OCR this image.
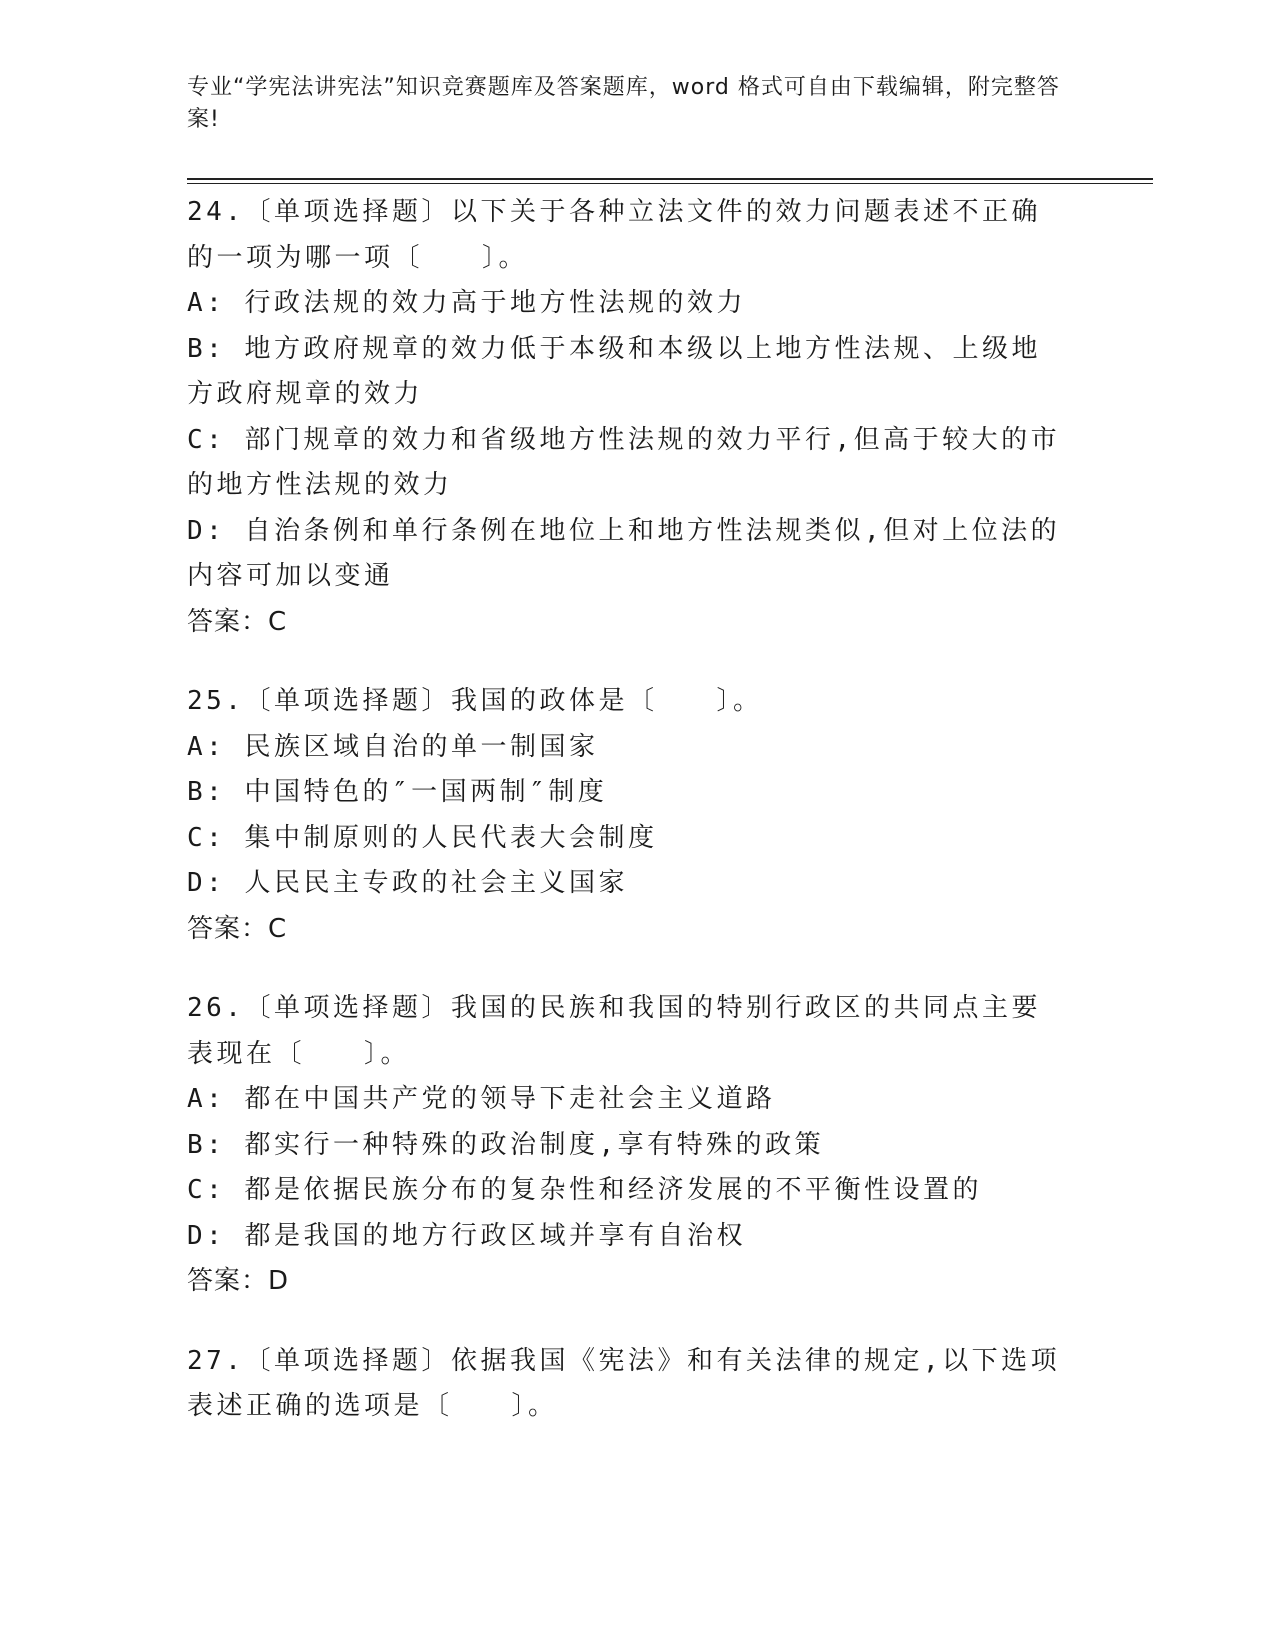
专业“学宪法讲宪法”知识竞赛题库及答案题库，word 格式可自由下载编辑，附完整答案!
24.〔单项选择题〕以下关于各种立法文件的效力问题表述不正确的一项为哪一项〔　　〕。
A: 行政法规的效力高于地方性法规的效力
B: 地方政府规章的效力低于本级和本级以上地方性法规、上级地方政府规章的效力
C: 部门规章的效力和省级地方性法规的效力平行,但高于较大的市的地方性法规的效力
D: 自治条例和单行条例在地位上和地方性法规类似,但对上位法的内容可加以变通
答案：C
25.〔单项选择题〕我国的政体是〔　　〕。
A: 民族区域自治的单一制国家
B: 中国特色的″一国两制″制度
C: 集中制原则的人民代表大会制度
D: 人民民主专政的社会主义国家
答案：C
26.〔单项选择题〕我国的民族和我国的特别行政区的共同点主要表现在〔　　〕。
A: 都在中国共产党的领导下走社会主义道路
B: 都实行一种特殊的政治制度,享有特殊的政策
C: 都是依据民族分布的复杂性和经济发展的不平衡性设置的
D: 都是我国的地方行政区域并享有自治权
答案：D
27.〔单项选择题〕依据我国《宪法》和有关法律的规定,以下选项表述正确的选项是〔　　〕。
